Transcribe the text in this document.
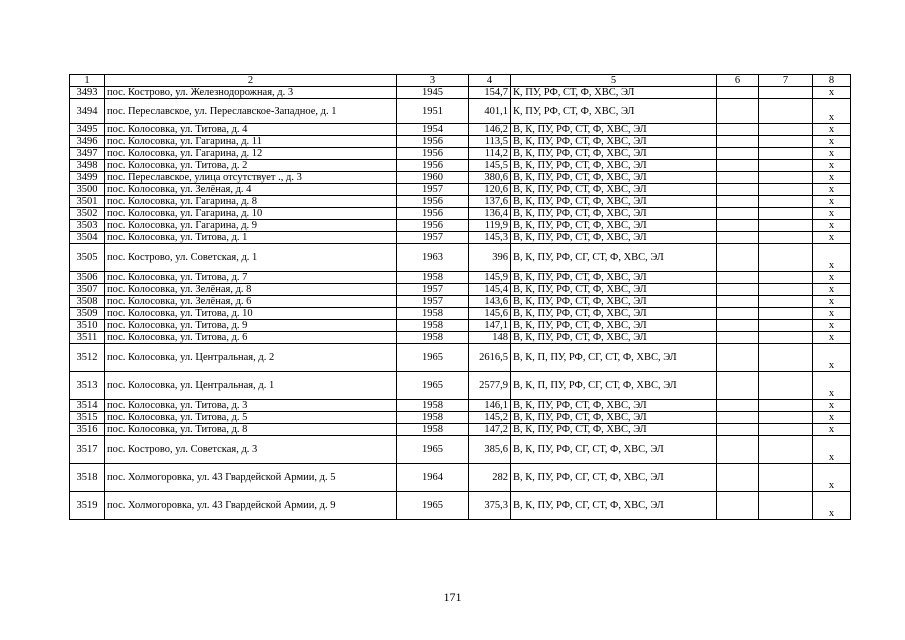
1	2	3	4	5	6	7	8
3493	пос. Кострово, ул. Железнодорожная, д. 3	1945	154,7	К, ПУ, РФ, СТ, Ф, ХВС, ЭЛ			х
3494	пос. Переславское, ул. Переславское-Западное, д. 1	1951	401,1	К, ПУ, РФ, СТ, Ф, ХВС, ЭЛ			х
3495	пос. Колосовка, ул. Титова, д. 4	1954	146,2	В, К, ПУ, РФ, СТ, Ф, ХВС, ЭЛ			х
3496	пос. Колосовка, ул. Гагарина, д. 11	1956	113,5	В, К, ПУ, РФ, СТ, Ф, ХВС, ЭЛ			х
3497	пос. Колосовка, ул. Гагарина, д. 12	1956	114,2	В, К, ПУ, РФ, СТ, Ф, ХВС, ЭЛ			х
3498	пос. Колосовка, ул. Титова, д. 2	1956	145,5	В, К, ПУ, РФ, СТ, Ф, ХВС, ЭЛ			х
3499	пос. Переславское, улица отсутствует ., д. 3	1960	380,6	В, К, ПУ, РФ, СТ, Ф, ХВС, ЭЛ			х
3500	пос. Колосовка, ул. Зелёная, д. 4	1957	120,6	В, К, ПУ, РФ, СТ, Ф, ХВС, ЭЛ			х
3501	пос. Колосовка, ул. Гагарина, д. 8	1956	137,6	В, К, ПУ, РФ, СТ, Ф, ХВС, ЭЛ			х
3502	пос. Колосовка, ул. Гагарина, д. 10	1956	136,4	В, К, ПУ, РФ, СТ, Ф, ХВС, ЭЛ			х
3503	пос. Колосовка, ул. Гагарина, д. 9	1956	119,9	В, К, ПУ, РФ, СТ, Ф, ХВС, ЭЛ			х
3504	пос. Колосовка, ул. Титова, д. 1	1957	145,3	В, К, ПУ, РФ, СТ, Ф, ХВС, ЭЛ			х
3505	пос. Кострово, ул. Советская, д. 1	1963	396	В, К, ПУ, РФ, СГ, СТ, Ф, ХВС, ЭЛ			х
3506	пос. Колосовка, ул. Титова, д. 7	1958	145,9	В, К, ПУ, РФ, СТ, Ф, ХВС, ЭЛ			х
3507	пос. Колосовка, ул. Зелёная, д. 8	1957	145,4	В, К, ПУ, РФ, СТ, Ф, ХВС, ЭЛ			х
3508	пос. Колосовка, ул. Зелёная, д. 6	1957	143,6	В, К, ПУ, РФ, СТ, Ф, ХВС, ЭЛ			х
3509	пос. Колосовка, ул. Титова, д. 10	1958	145,6	В, К, ПУ, РФ, СТ, Ф, ХВС, ЭЛ			х
3510	пос. Колосовка, ул. Титова, д. 9	1958	147,1	В, К, ПУ, РФ, СТ, Ф, ХВС, ЭЛ			х
3511	пос. Колосовка, ул. Титова, д. 6	1958	148	В, К, ПУ, РФ, СТ, Ф, ХВС, ЭЛ			х
3512	пос. Колосовка, ул. Центральная, д. 2	1965	2616,5	В, К, П, ПУ, РФ, СГ, СТ, Ф, ХВС, ЭЛ			х
3513	пос. Колосовка, ул. Центральная, д. 1	1965	2577,9	В, К, П, ПУ, РФ, СГ, СТ, Ф, ХВС, ЭЛ			х
3514	пос. Колосовка, ул. Титова, д. 3	1958	146,1	В, К, ПУ, РФ, СТ, Ф, ХВС, ЭЛ			х
3515	пос. Колосовка, ул. Титова, д. 5	1958	145,2	В, К, ПУ, РФ, СТ, Ф, ХВС, ЭЛ			х
3516	пос. Колосовка, ул. Титова, д. 8	1958	147,2	В, К, ПУ, РФ, СТ, Ф, ХВС, ЭЛ			х
3517	пос. Кострово, ул. Советская, д. 3	1965	385,6	В, К, ПУ, РФ, СГ, СТ, Ф, ХВС, ЭЛ			х
3518	пос. Холмогоровка, ул. 43 Гвардейской Армии, д. 5	1964	282	В, К, ПУ, РФ, СГ, СТ, Ф, ХВС, ЭЛ			х
3519	пос. Холмогоровка, ул. 43 Гвардейской Армии, д. 9	1965	375,3	В, К, ПУ, РФ, СГ, СТ, Ф, ХВС, ЭЛ			х
171
